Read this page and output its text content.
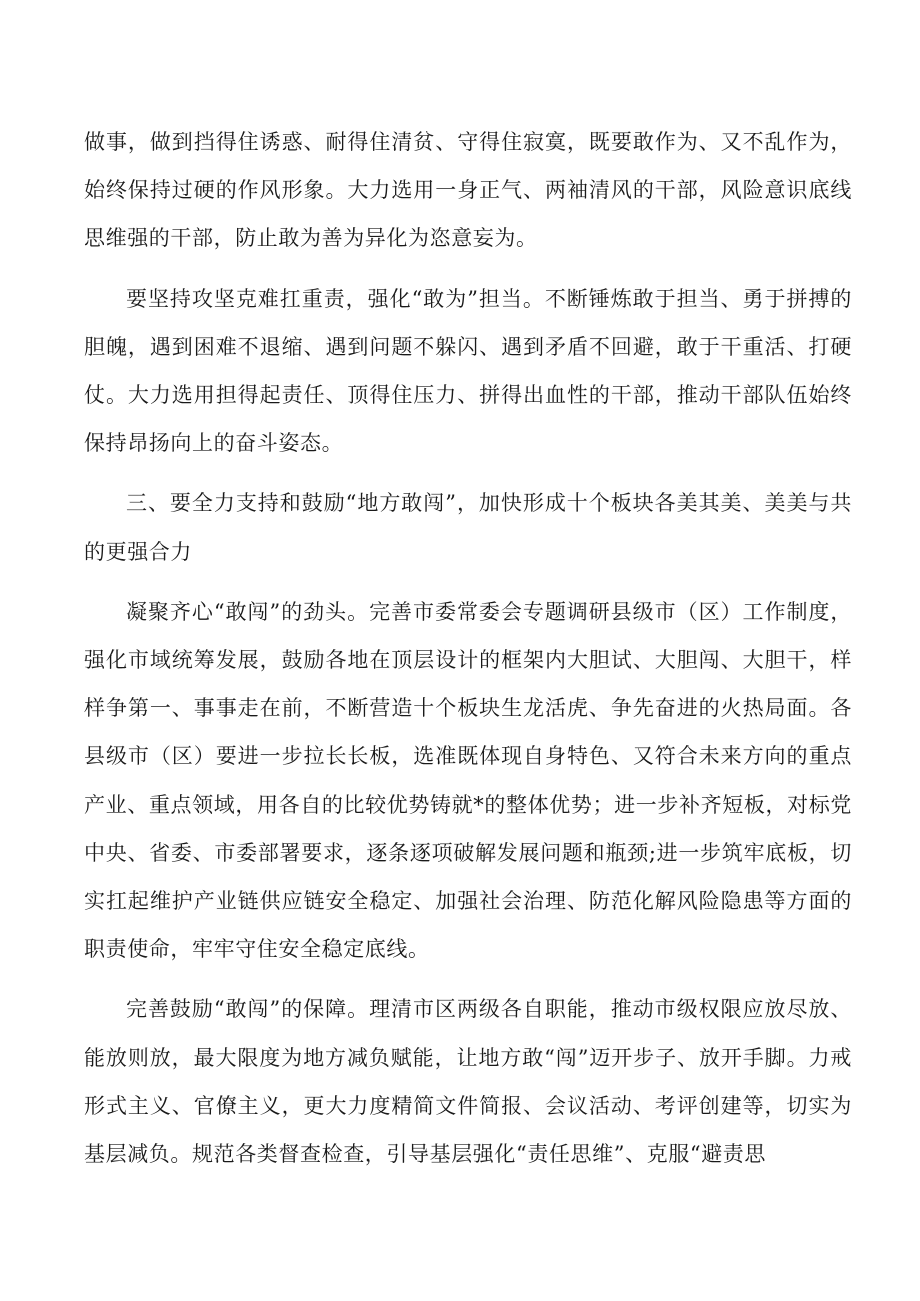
做事，做到挡得住诱惑、耐得住清贫、守得住寂寞，既要敢作为、又不乱作为，始终保持过硬的作风形象。大力选用一身正气、两袖清风的干部，风险意识底线思维强的干部，防止敢为善为异化为恣意妄为。

要坚持攻坚克难扛重责，强化“敢为”担当。不断锤炼敢于担当、勇于拼搏的胆魄，遇到困难不退缩、遇到问题不躲闪、遇到矛盾不回避，敢于干重活、打硬仗。大力选用担得起责任、顶得住压力、拼得出血性的干部，推动干部队伍始终保持昂扬向上的奋斗姿态。

三、要全力支持和鼓励“地方敢闯”，加快形成十个板块各美其美、美美与共的更强合力

凝聚齐心“敢闯”的劲头。完善市委常委会专题调研县级市（区）工作制度，强化市域统筹发展，鼓励各地在顶层设计的框架内大胆试、大胆闯、大胆干，样样争第一、事事走在前，不断营造十个板块生龙活虎、争先奋进的火热局面。各县级市（区）要进一步拉长长板，选准既体现自身特色、又符合未来方向的重点产业、重点领域，用各自的比较优势铸就*的整体优势；进一步补齐短板，对标党中央、省委、市委部署要求，逐条逐项破解发展问题和瓶颈;进一步筑牢底板，切实扛起维护产业链供应链安全稳定、加强社会治理、防范化解风险隐患等方面的职责使命，牢牢守住安全稳定底线。

完善鼓励“敢闯”的保障。理清市区两级各自职能，推动市级权限应放尽放、能放则放，最大限度为地方减负赋能，让地方敢“闯”迈开步子、放开手脚。力戒形式主义、官僚主义，更大力度精简文件简报、会议活动、考评创建等，切实为基层减负。规范各类督查检查，引导基层强化“责任思维”、克服“避责思
